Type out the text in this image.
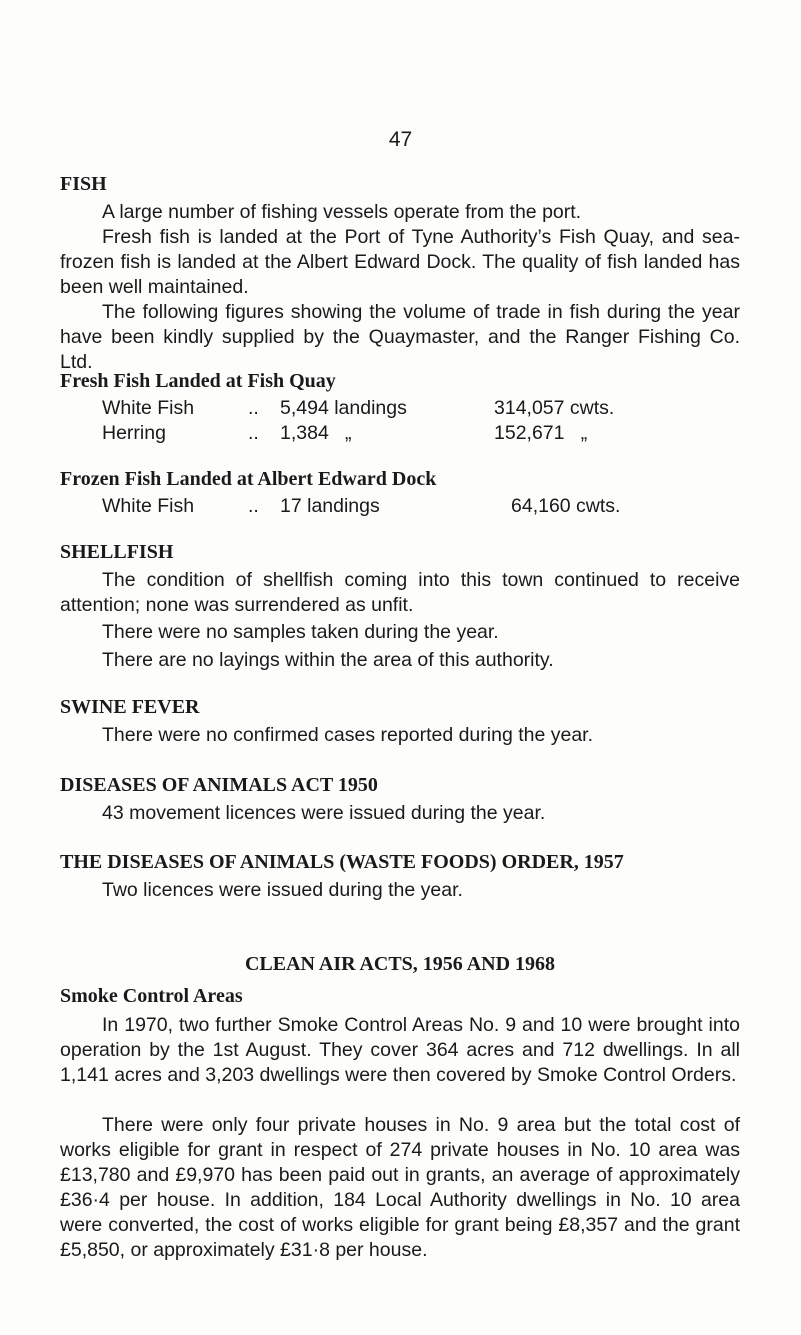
47

FISH

A large number of fishing vessels operate from the port.

Fresh fish is landed at the Port of Tyne Authority’s Fish Quay, and sea-frozen fish is landed at the Albert Edward Dock. The quality of fish landed has been well maintained.

The following figures showing the volume of trade in fish during the year have been kindly supplied by the Quaymaster, and the Ranger Fishing Co. Ltd.

Fresh Fish Landed at Fish Quay

White Fish	.. 5,494 landings	314,057 cwts.
Herring	.. 1,384   „	152,671   „

Frozen Fish Landed at Albert Edward Dock

White Fish	.. 17 landings	64,160 cwts.

SHELLFISH

The condition of shellfish coming into this town continued to receive attention; none was surrendered as unfit.

There were no samples taken during the year.

There are no layings within the area of this authority.

SWINE FEVER

There were no confirmed cases reported during the year.

DISEASES OF ANIMALS ACT 1950

43 movement licences were issued during the year.

THE DISEASES OF ANIMALS (WASTE FOODS) ORDER, 1957

Two licences were issued during the year.

CLEAN AIR ACTS, 1956 AND 1968

Smoke Control Areas

In 1970, two further Smoke Control Areas No. 9 and 10 were brought into operation by the 1st August. They cover 364 acres and 712 dwellings. In all 1,141 acres and 3,203 dwellings were then covered by Smoke Control Orders.

There were only four private houses in No. 9 area but the total cost of works eligible for grant in respect of 274 private houses in No. 10 area was £13,780 and £9,970 has been paid out in grants, an average of approximately £36·4 per house. In addition, 184 Local Authority dwellings in No. 10 area were converted, the cost of works eligible for grant being £8,357 and the grant £5,850, or approximately £31·8 per house.
